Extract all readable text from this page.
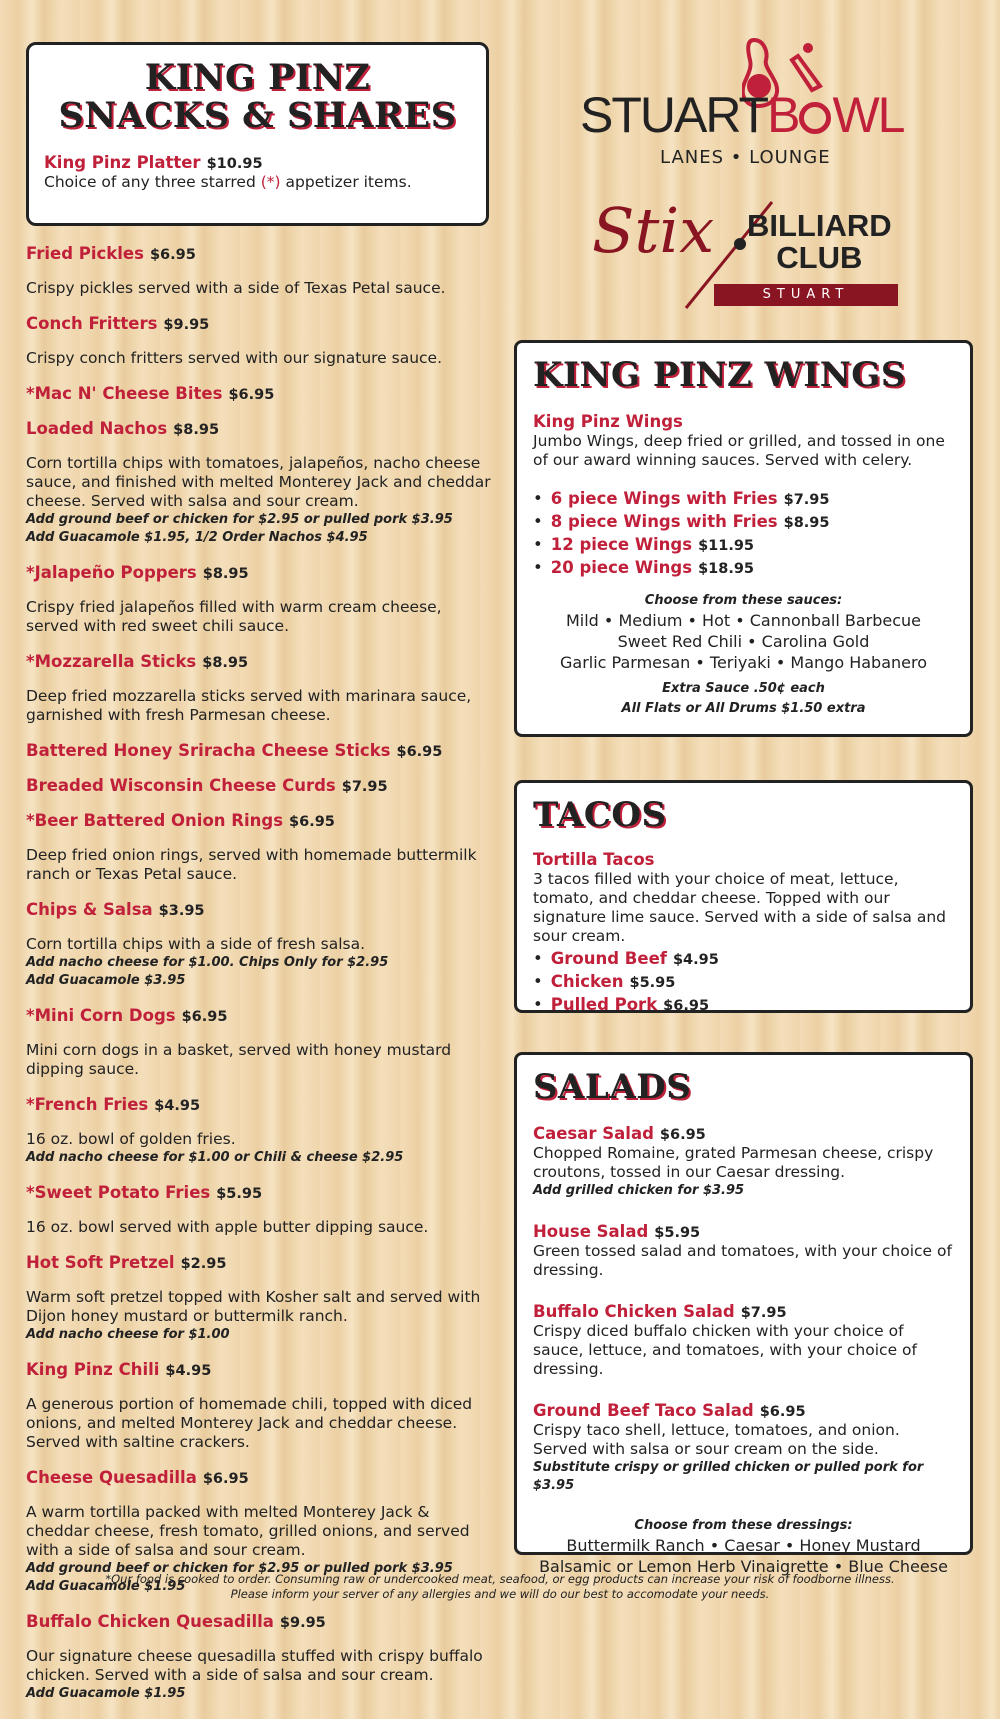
KING PINZ
SNACKS & SHARES

King Pinz Platter $10.95

Choice of any three starred (*) appetizer items.

STUARTB WL
LANES • LOUNGE
Stix BILLIARD
CLUB
STUART

Fried Pickles $6.95

Crispy pickles served with a side of Texas Petal sauce.

Conch Fritters $9.95

Crispy conch fritters served with our signature sauce.

*Mac N' Cheese Bites $6.95

Loaded Nachos $8.95

Corn tortilla chips with tomatoes, jalapeños, nacho cheese sauce, and finished with melted Monterey Jack and cheddar cheese. Served with salsa and sour cream.

Add ground beef or chicken for $2.95 or pulled pork $3.95

Add Guacamole $1.95, 1/2 Order Nachos $4.95

*Jalapeño Poppers $8.95

Crispy fried jalapeños filled with warm cream cheese, served with red sweet chili sauce.

*Mozzarella Sticks $8.95

Deep fried mozzarella sticks served with marinara sauce, garnished with fresh Parmesan cheese.

Battered Honey Sriracha Cheese Sticks $6.95

Breaded Wisconsin Cheese Curds $7.95

*Beer Battered Onion Rings $6.95

Deep fried onion rings, served with homemade buttermilk ranch or Texas Petal sauce.

Chips & Salsa $3.95

Corn tortilla chips with a side of fresh salsa.

Add nacho cheese for $1.00. Chips Only for $2.95

Add Guacamole $3.95

*Mini Corn Dogs $6.95

Mini corn dogs in a basket, served with honey mustard dipping sauce.

*French Fries $4.95

16 oz. bowl of golden fries.

Add nacho cheese for $1.00 or Chili & cheese $2.95

*Sweet Potato Fries $5.95

16 oz. bowl served with apple butter dipping sauce.

Hot Soft Pretzel $2.95

Warm soft pretzel topped with Kosher salt and served with Dijon honey mustard or buttermilk ranch.

Add nacho cheese for $1.00

King Pinz Chili $4.95

A generous portion of homemade chili, topped with diced onions, and melted Monterey Jack and cheddar cheese. Served with saltine crackers.

Cheese Quesadilla $6.95

A warm tortilla packed with melted Monterey Jack & cheddar cheese, fresh tomato, grilled onions, and served with a side of salsa and sour cream.

Add ground beef or chicken for $2.95 or pulled pork $3.95

Add Guacamole $1.95

Buffalo Chicken Quesadilla $9.95

Our signature cheese quesadilla stuffed with crispy buffalo chicken. Served with a side of salsa and sour cream.

Add Guacamole $1.95

KING PINZ WINGS

King Pinz Wings

Jumbo Wings, deep fried or grilled, and tossed in one of our award winning sauces. Served with celery.

• 6 piece Wings with Fries $7.95

• 8 piece Wings with Fries $8.95

• 12 piece Wings $11.95

• 20 piece Wings $18.95

Choose from these sauces:

Mild • Medium • Hot • Cannonball Barbecue

Sweet Red Chili • Carolina Gold

Garlic Parmesan • Teriyaki • Mango Habanero

Extra Sauce .50¢ each

All Flats or All Drums $1.50 extra

TACOS

Tortilla Tacos

3 tacos filled with your choice of meat, lettuce, tomato, and cheddar cheese. Topped with our signature lime sauce. Served with a side of salsa and sour cream.

• Ground Beef $4.95

• Chicken $5.95

• Pulled Pork $6.95

SALADS

Caesar Salad $6.95

Chopped Romaine, grated Parmesan cheese, crispy croutons, tossed in our Caesar dressing.

Add grilled chicken for $3.95

House Salad $5.95

Green tossed salad and tomatoes, with your choice of dressing.

Buffalo Chicken Salad $7.95

Crispy diced buffalo chicken with your choice of sauce, lettuce, and tomatoes, with your choice of dressing.

Ground Beef Taco Salad $6.95

Crispy taco shell, lettuce, tomatoes, and onion. Served with salsa or sour cream on the side.

Substitute crispy or grilled chicken or pulled pork for $3.95

Choose from these dressings:

Buttermilk Ranch • Caesar • Honey Mustard

Balsamic or Lemon Herb Vinaigrette • Blue Cheese

*Our food is cooked to order. Consuming raw or undercooked meat, seafood, or egg products can increase your risk of foodborne illness.
Please inform your server of any allergies and we will do our best to accomodate your needs.
